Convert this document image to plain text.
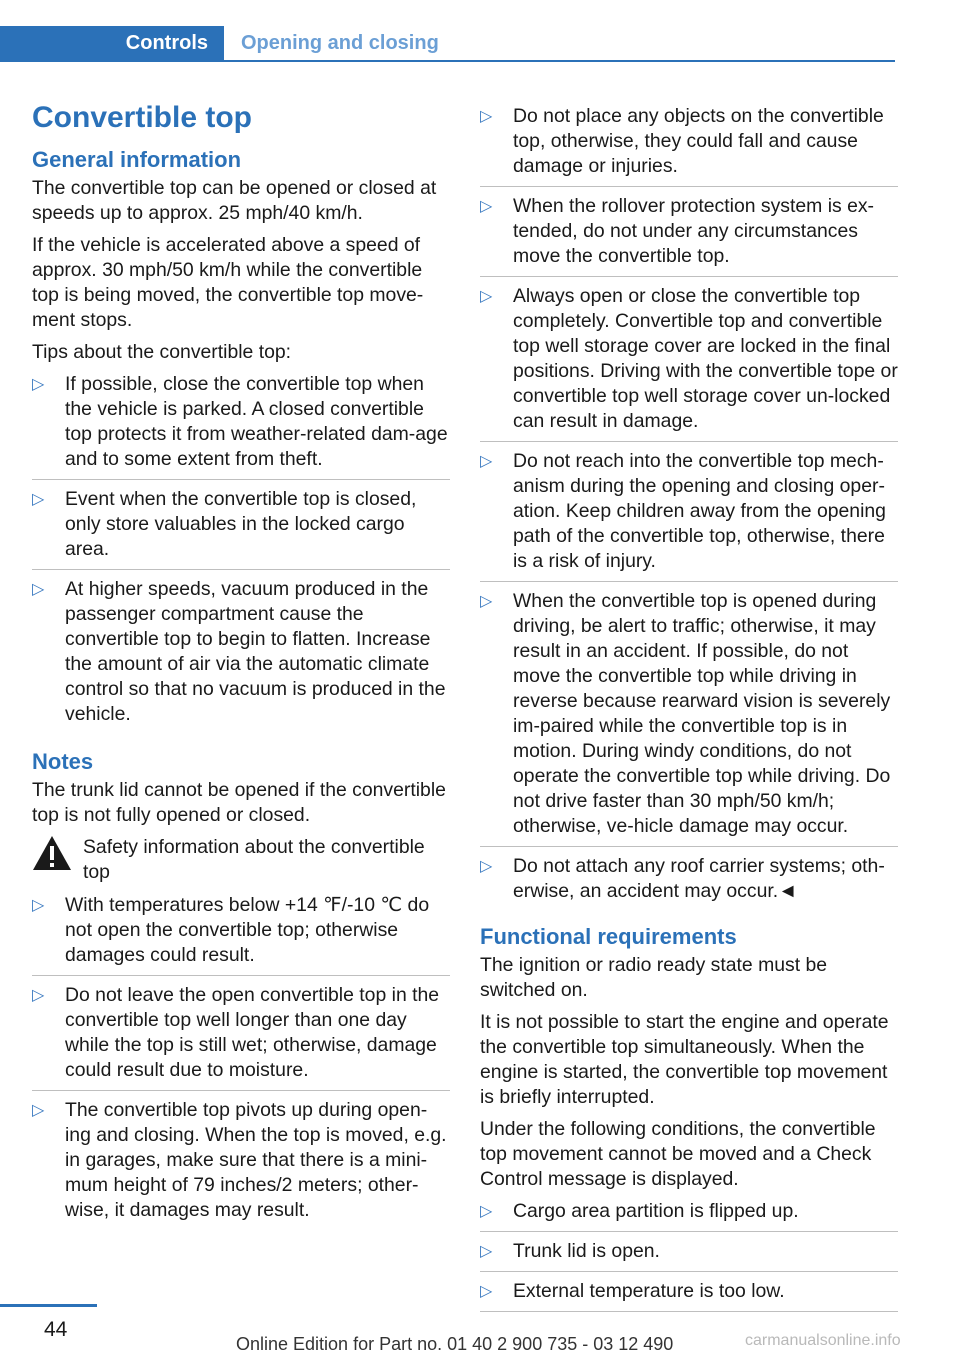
Controls	Opening and closing
Convertible top
General information

The convertible top can be opened or closed at speeds up to approx. 25 mph/40 km/h.

If the vehicle is accelerated above a speed of approx. 30 mph/50 km/h while the convertible top is being moved, the convertible top move-ment stops.

Tips about the convertible top:

▷ If possible, close the convertible top when the vehicle is parked. A closed convertible top protects it from weather-related dam-age and to some extent from theft.
▷ Event when the convertible top is closed, only store valuables in the locked cargo area.
▷ At higher speeds, vacuum produced in the passenger compartment cause the convertible top to begin to flatten. Increase the amount of air via the automatic climate control so that no vacuum is produced in the vehicle.
Notes

The trunk lid cannot be opened if the convertible top is not fully opened or closed.

Safety information about the convertible top
▷ With temperatures below +14 ℉/-10 ℃ do not open the convertible top; otherwise damages could result.
▷ Do not leave the open convertible top in the convertible top well longer than one day while the top is still wet; otherwise, damage could result due to moisture.
▷ The convertible top pivots up during open-ing and closing. When the top is moved, e.g. in garages, make sure that there is a mini-mum height of 79 inches/2 meters; other-wise, it damages may result.
▷ Do not place any objects on the convertible top, otherwise, they could fall and cause damage or injuries.
▷ When the rollover protection system is ex-tended, do not under any circumstances move the convertible top.
▷ Always open or close the convertible top completely. Convertible top and convertible top well storage cover are locked in the final positions. Driving with the convertible tope or convertible top well storage cover un-locked can result in damage.
▷ Do not reach into the convertible top mech-anism during the opening and closing oper-ation. Keep children away from the opening path of the convertible top, otherwise, there is a risk of injury.
▷ When the convertible top is opened during driving, be alert to traffic; otherwise, it may result in an accident. If possible, do not move the convertible top while driving in reverse because rearward vision is severely im-paired while the convertible top is in motion. During windy conditions, do not operate the convertible top while driving. Do not drive faster than 30 mph/50 km/h; otherwise, ve-hicle damage may occur.
▷ Do not attach any roof carrier systems; oth-erwise, an accident may occur.◄
Functional requirements

The ignition or radio ready state must be switched on.

It is not possible to start the engine and operate the convertible top simultaneously. When the engine is started, the convertible top movement is briefly interrupted.

Under the following conditions, the convertible top movement cannot be moved and a Check Control message is displayed.

▷ Cargo area partition is flipped up.
▷ Trunk lid is open.
▷ External temperature is too low.
44
Online Edition for Part no. 01 40 2 900 735 - 03 12 490	carmanualsonline.info
